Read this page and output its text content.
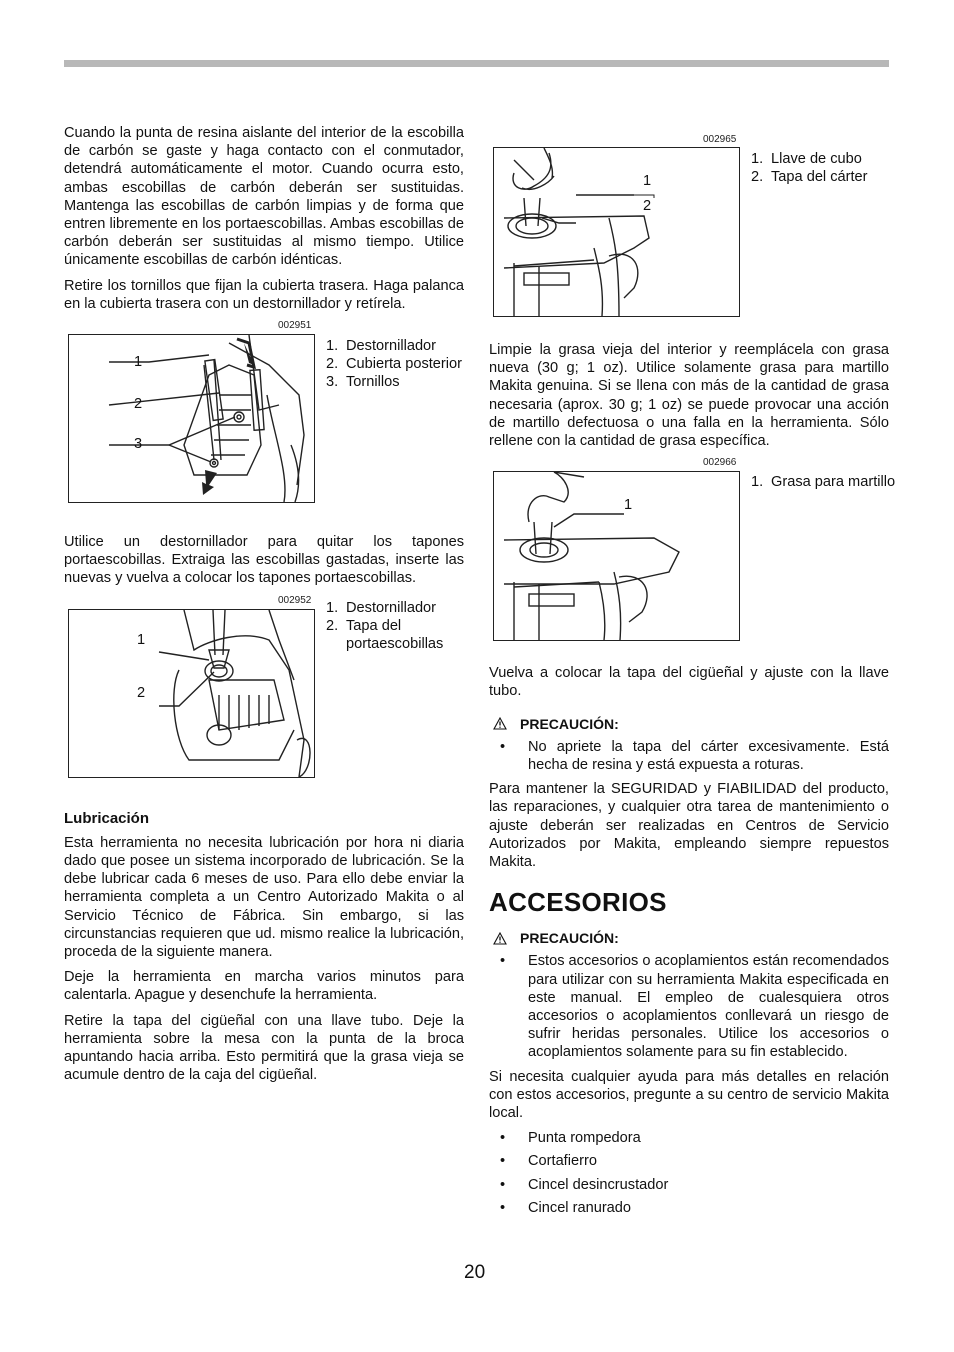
Cuando la punta de resina aislante del interior de la escobilla de carbón se gaste y haga contacto con el conmutador, detendrá automáticamente el motor. Cuando ocurra esto, ambas escobillas de carbón deberán ser sustituidas. Mantenga las escobillas de carbón limpias y de forma que entren libremente en los portaescobillas. Ambas escobillas de carbón deberán ser sustituidas al mismo tiempo. Utilice únicamente escobillas de carbón idénticas.

Retire los tornillos que fijan la cubierta trasera. Haga palanca en la cubierta trasera con un destornillador y retírela.

002951
1
2
3
1. Destornillador
2. Cubierta posterior
3. Tornillos

Utilice un destornillador para quitar los tapones portaescobillas. Extraiga las escobillas gastadas, inserte las nuevas y vuelva a colocar los tapones portaescobillas.

002952
1
2
1. Destornillador
2. Tapa del portaescobillas
Lubricación

Esta herramienta no necesita lubricación por hora ni diaria dado que posee un sistema incorporado de lubricación. Se la debe lubricar cada 6 meses de uso. Para ello debe enviar la herramienta completa a un Centro Autorizado Makita o al Servicio Técnico de Fábrica. Sin embargo, si las circunstancias requieren que ud. mismo realice la lubricación, proceda de la siguiente manera.

Deje la herramienta en marcha varios minutos para calentarla. Apague y desenchufe la herramienta.

Retire la tapa del cigüeñal con una llave tubo. Deje la herramienta sobre la mesa con la punta de la broca apuntando hacia arriba. Esto permitirá que la grasa vieja se acumule dentro de la caja del cigüeñal.

002965
1
2
1. Llave de cubo
2. Tapa del cárter

Limpie la grasa vieja del interior y reemplácela con grasa nueva (30 g; 1 oz). Utilice solamente grasa para martillo Makita genuina. Si se llena con más de la cantidad de grasa necesaria (aprox. 30 g; 1 oz) se puede provocar una acción de martillo defectuosa o una falla en la herramienta. Sólo rellene con la cantidad de grasa específica.

002966
1
1. Grasa para martillo

Vuelva a colocar la tapa del cigüeñal y ajuste con la llave tubo.

PRECAUCIÓN:
• No apriete la tapa del cárter excesivamente. Está hecha de resina y está expuesta a roturas.

Para mantener la SEGURIDAD y FIABILIDAD del producto, las reparaciones, y cualquier otra tarea de mantenimiento o ajuste deberán ser realizadas en Centros de Servicio Autorizados por Makita, empleando siempre repuestos Makita.

ACCESORIOS
PRECAUCIÓN:
• Estos accesorios o acoplamientos están recomendados para utilizar con su herramienta Makita especificada en este manual. El empleo de cualesquiera otros accesorios o acoplamientos conllevará un riesgo de sufrir heridas personales. Utilice los accesorios o acoplamientos solamente para su fin establecido.

Si necesita cualquier ayuda para más detalles en relación con estos accesorios, pregunte a su centro de servicio Makita local.

• Punta rompedora
• Cortafierro
• Cincel desincrustador
• Cincel ranurado
20
